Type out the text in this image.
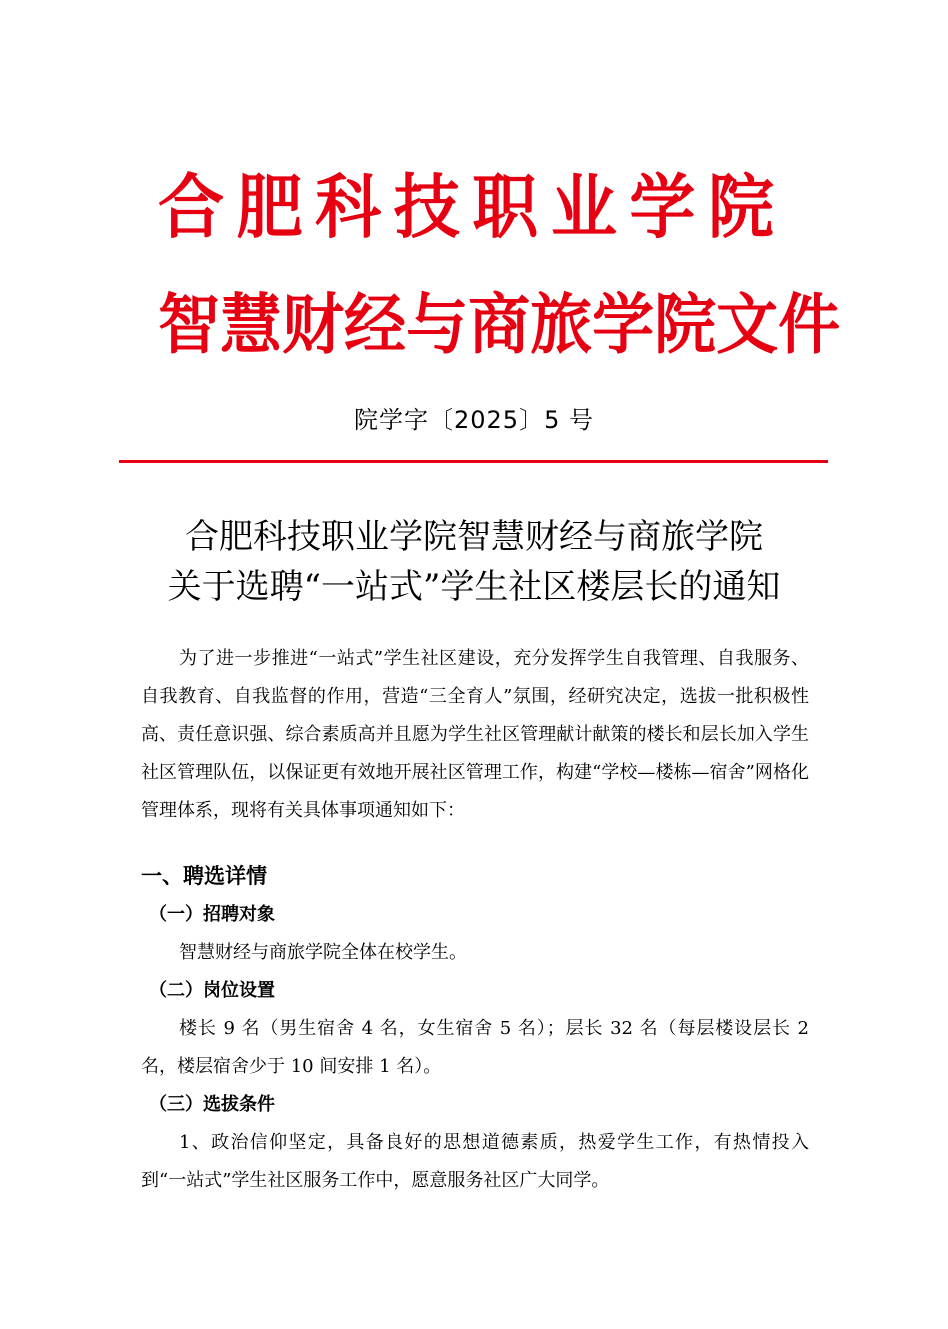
合 肥 科 技 职 业 学 院
智 慧 财 经 与 商 旅 学 院 文 件
院学字〔2025〕5 号
合肥科技职业学院智慧财经与商旅学院
关于选聘“一站式”学生社区楼层长的通知

为了进一步推进“一站式”学生社区建设，充分发挥学生自我管理、自我服务、自我教育、自我监督的作用，营造“三全育人”氛围，经研究决定，选拔一批积极性高、责任意识强、综合素质高并且愿为学生社区管理献计献策的楼长和层长加入学生社区管理队伍，以保证更有效地开展社区管理工作，构建“学校—楼栋—宿舍”网格化管理体系，现将有关具体事项通知如下：

一、聘选详情

（一）招聘对象

智慧财经与商旅学院全体在校学生。

（二）岗位设置

楼长 9 名（男生宿舍 4 名，女生宿舍 5 名）；层长 32 名（每层楼设层长 2 名，楼层宿舍少于 10 间安排 1 名）。

（三）选拔条件

1、政治信仰坚定，具备良好的思想道德素质，热爱学生工作，有热情投入到“一站式”学生社区服务工作中，愿意服务社区广大同学。
